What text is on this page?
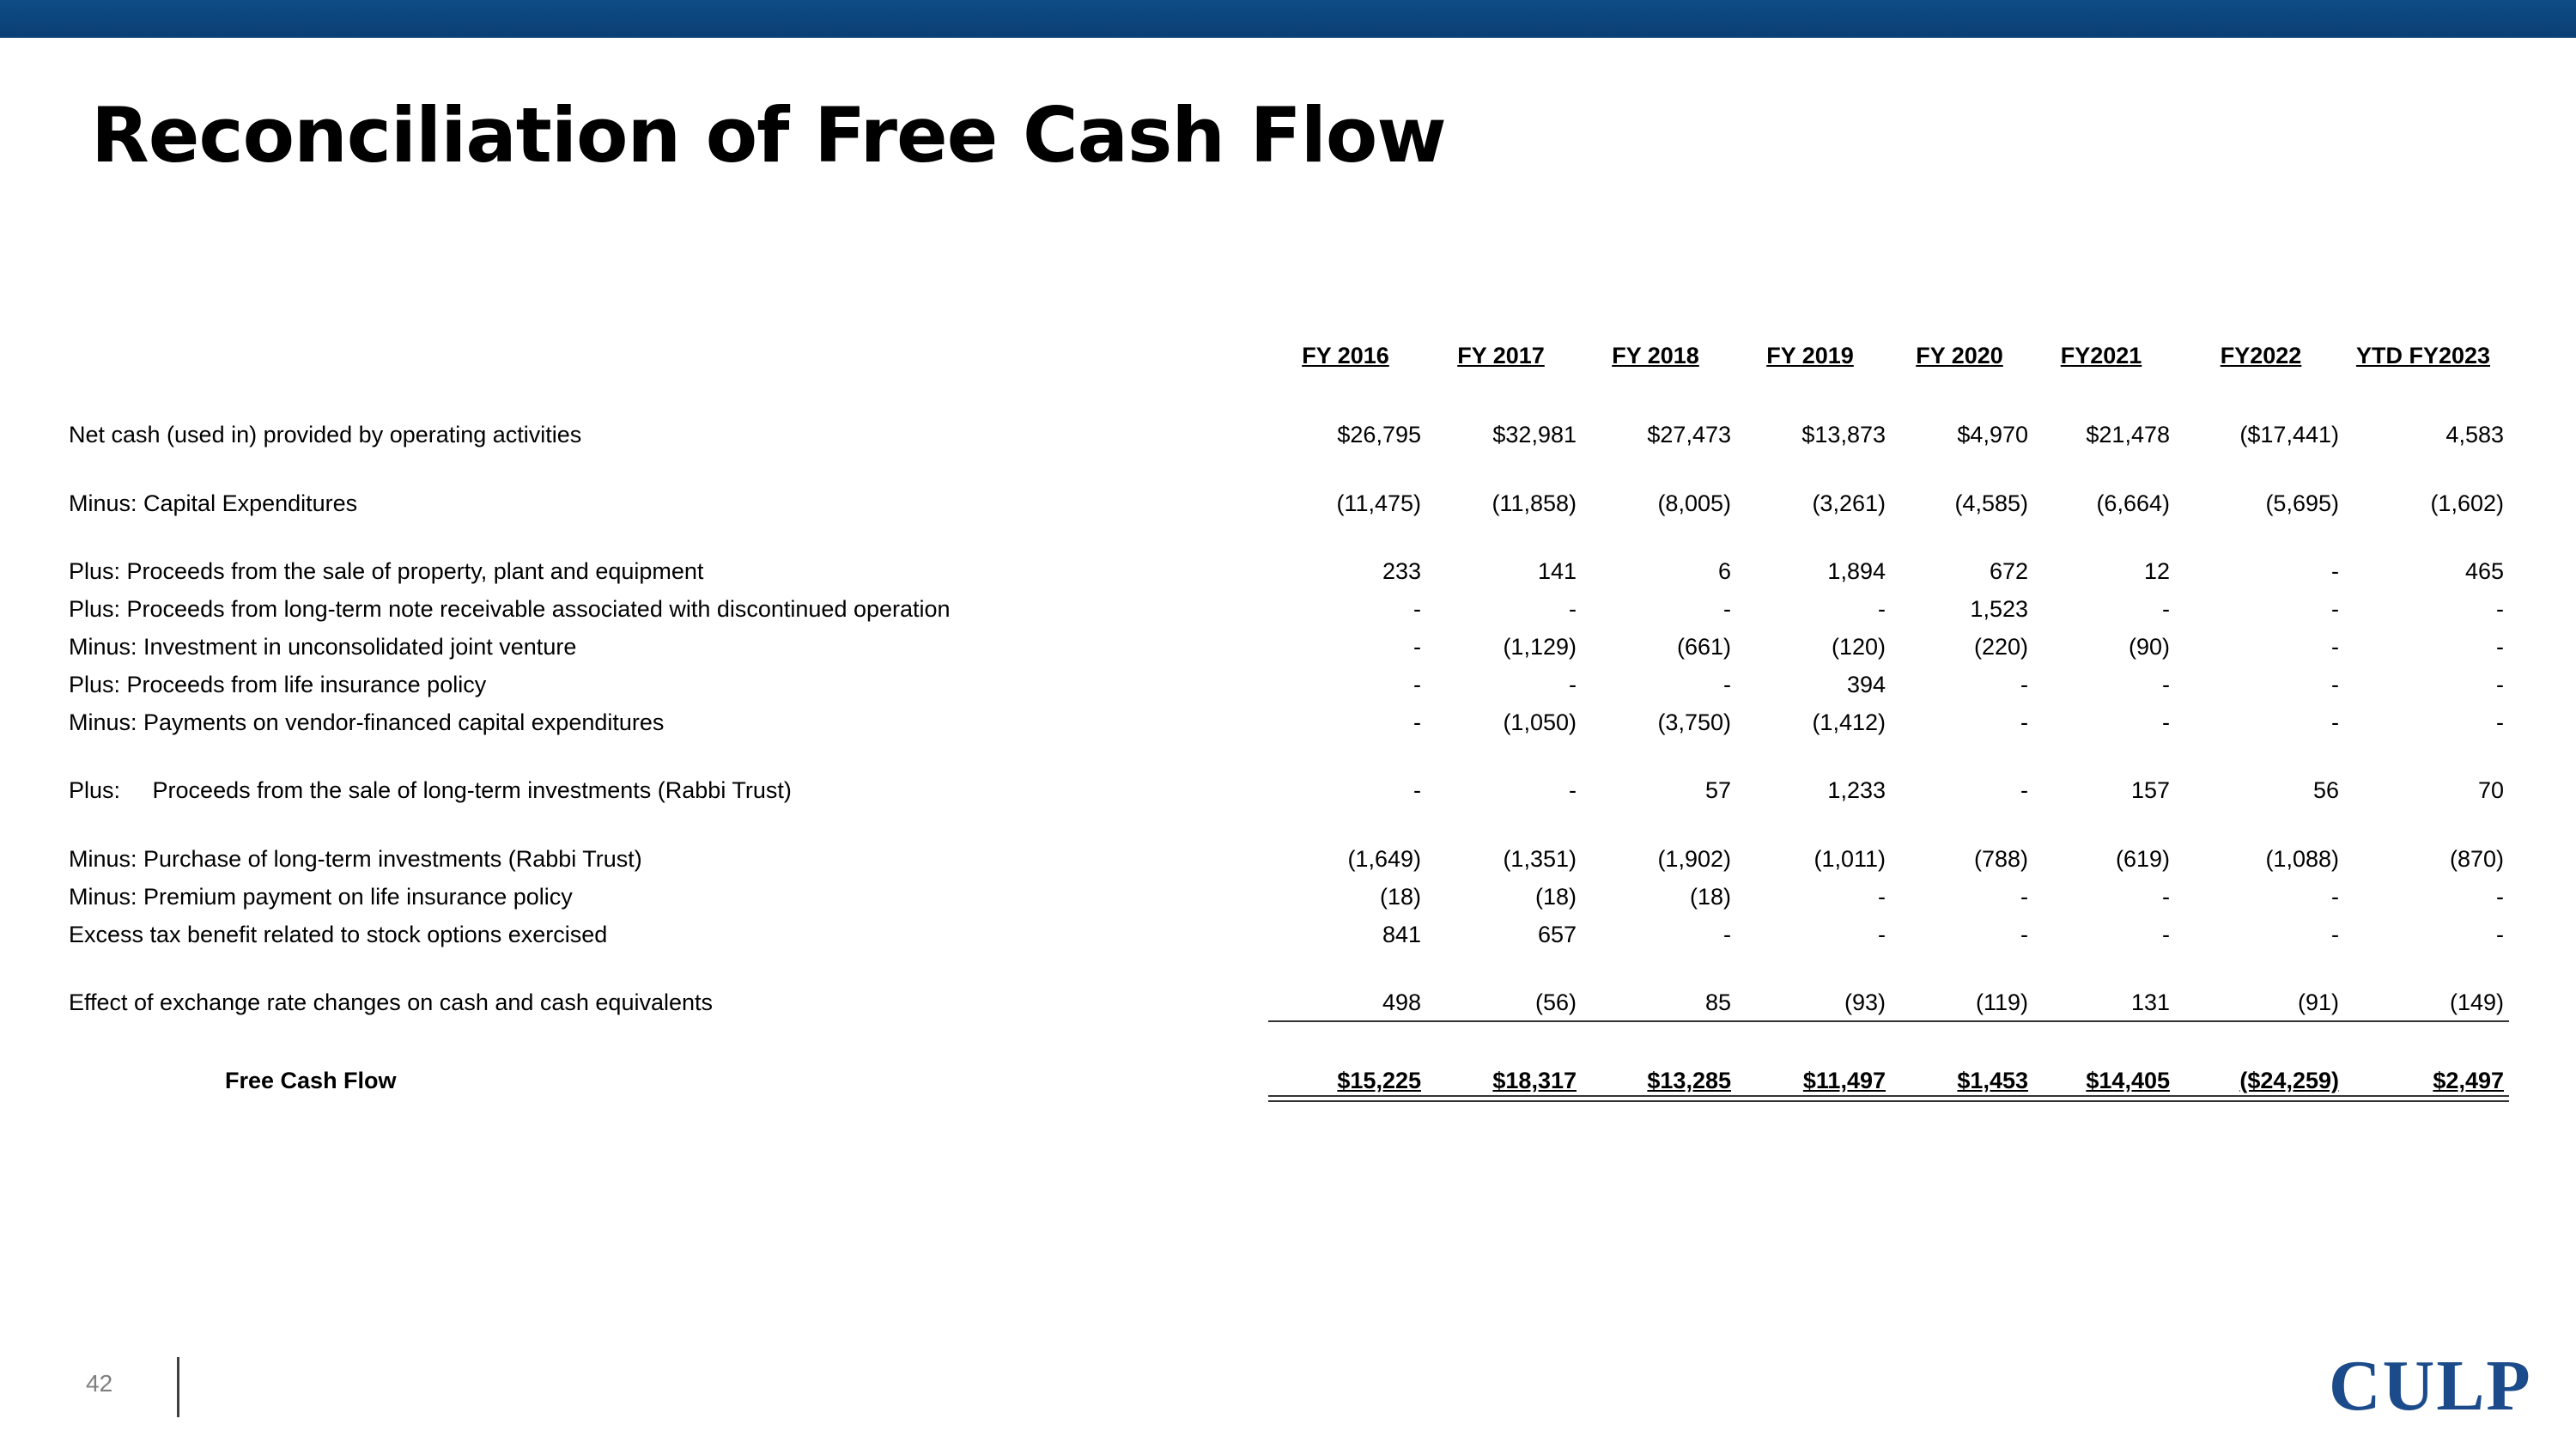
Reconciliation of Free Cash Flow
FY 2016	FY 2017	FY 2018	FY 2019	FY 2020 FY2021	FY2022 YTD FY2023
Net cash (used in) provided by operating activities	$26,795	$32,981	$27,473	$13,873	$4,970 $21,478	($17,441)	4,583
Minus: Capital Expenditures	(11,475)	(11,858)	(8,005)	(3,261)	(4,585)	(6,664)	(5,695)	(1,602)
Plus: Proceeds from the sale of property, plant and equipment	233	141	6	1,894	672	12	-	465
Plus: Proceeds from long-term note receivable associated with discontinued operation	-	-	-	-	1,523	-	-	-
Minus: Investment in unconsolidated joint venture	-	(1,129)	(661)	(120)	(220)	(90)	-	-
Plus: Proceeds from life insurance policy	-	-	-	394	-	-	-	-
Minus: Payments on vendor-financed capital expenditures	-	(1,050)	(3,750)	(1,412)	-	-	-	-
Plus:     Proceeds from the sale of long-term investments (Rabbi Trust)	-	-	57	1,233	-	157	56	70
Minus: Purchase of long-term investments (Rabbi Trust)	(1,649)	(1,351)	(1,902)	(1,011)	(788)	(619)	(1,088)	(870)
Minus: Premium payment on life insurance policy	(18)	(18)	(18)	-	-	-	-	-
Excess tax benefit related to stock options exercised	841	657	-	-	-	-	-	-
Effect of exchange rate changes on cash and cash equivalents	498	(56)	85	(93)	(119)	131	(91)	(149)
Free Cash Flow	$15,225	$18,317	$13,285	$11,497	$1,453 $14,405	($24,259)	$2,497
42	CULP
